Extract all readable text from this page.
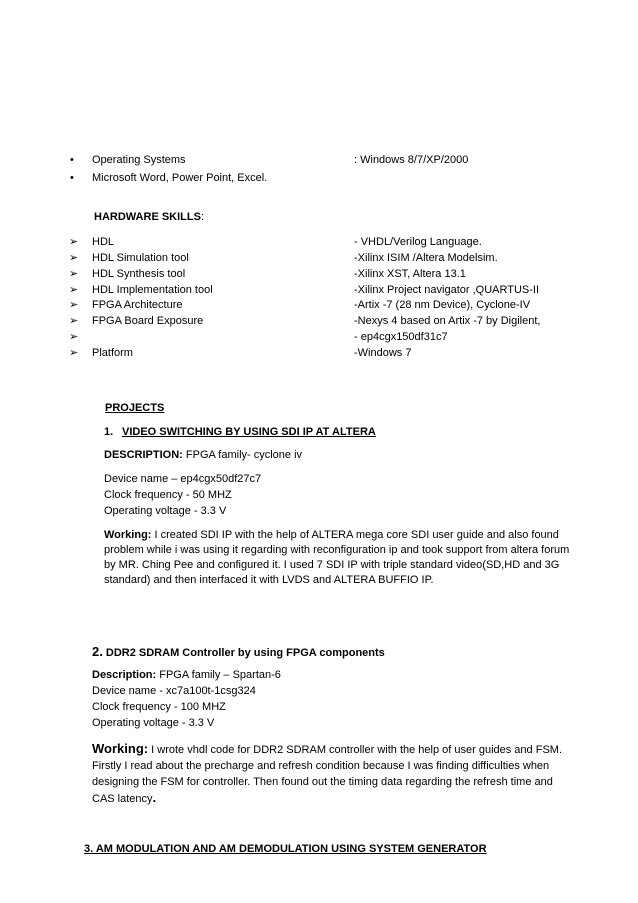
• Operating Systems	: Windows 8/7/XP/2000
• Microsoft Word, Power Point, Excel.
HARDWARE SKILLS:
➢ HDL	- VHDL/Verilog Language.
➢ HDL Simulation tool	-Xilinx ISIM /Altera Modelsim.
➢ HDL Synthesis tool	-Xilinx XST, Altera 13.1
➢ HDL Implementation tool	-Xilinx Project navigator ,QUARTUS-II
➢ FPGA Architecture	-Artix -7 (28 nm Device), Cyclone-IV
➢ FPGA Board Exposure	-Nexys 4 based on Artix -7 by Digilent,
➢	- ep4cgx150df31c7
➢ Platform	-Windows 7
PROJECTS
1. VIDEO SWITCHING BY USING SDI IP AT ALTERA
DESCRIPTION: FPGA family- cyclone iv
Device name – ep4cgx50df27c7
Clock frequency - 50 MHZ
Operating voltage - 3.3 V
Working: I created SDI IP with the help of ALTERA mega core SDI user guide and also found problem while i was using it regarding with reconfiguration ip and took support from altera forum by MR. Ching Pee and configured it. I used 7 SDI IP with triple standard video(SD,HD and 3G standard) and then interfaced it with LVDS and ALTERA BUFFIO IP.
2. DDR2 SDRAM Controller by using FPGA components
Description: FPGA family – Spartan-6
Device name - xc7a100t-1csg324
Clock frequency - 100 MHZ
Operating voltage - 3.3 V
Working: I wrote vhdl code for DDR2 SDRAM controller with the help of user guides and FSM. Firstly I read about the precharge and refresh condition because I was finding difficulties when designing the FSM for controller. Then found out the timing data regarding the refresh time and CAS latency.
3. AM MODULATION AND AM DEMODULATION USING SYSTEM GENERATOR
